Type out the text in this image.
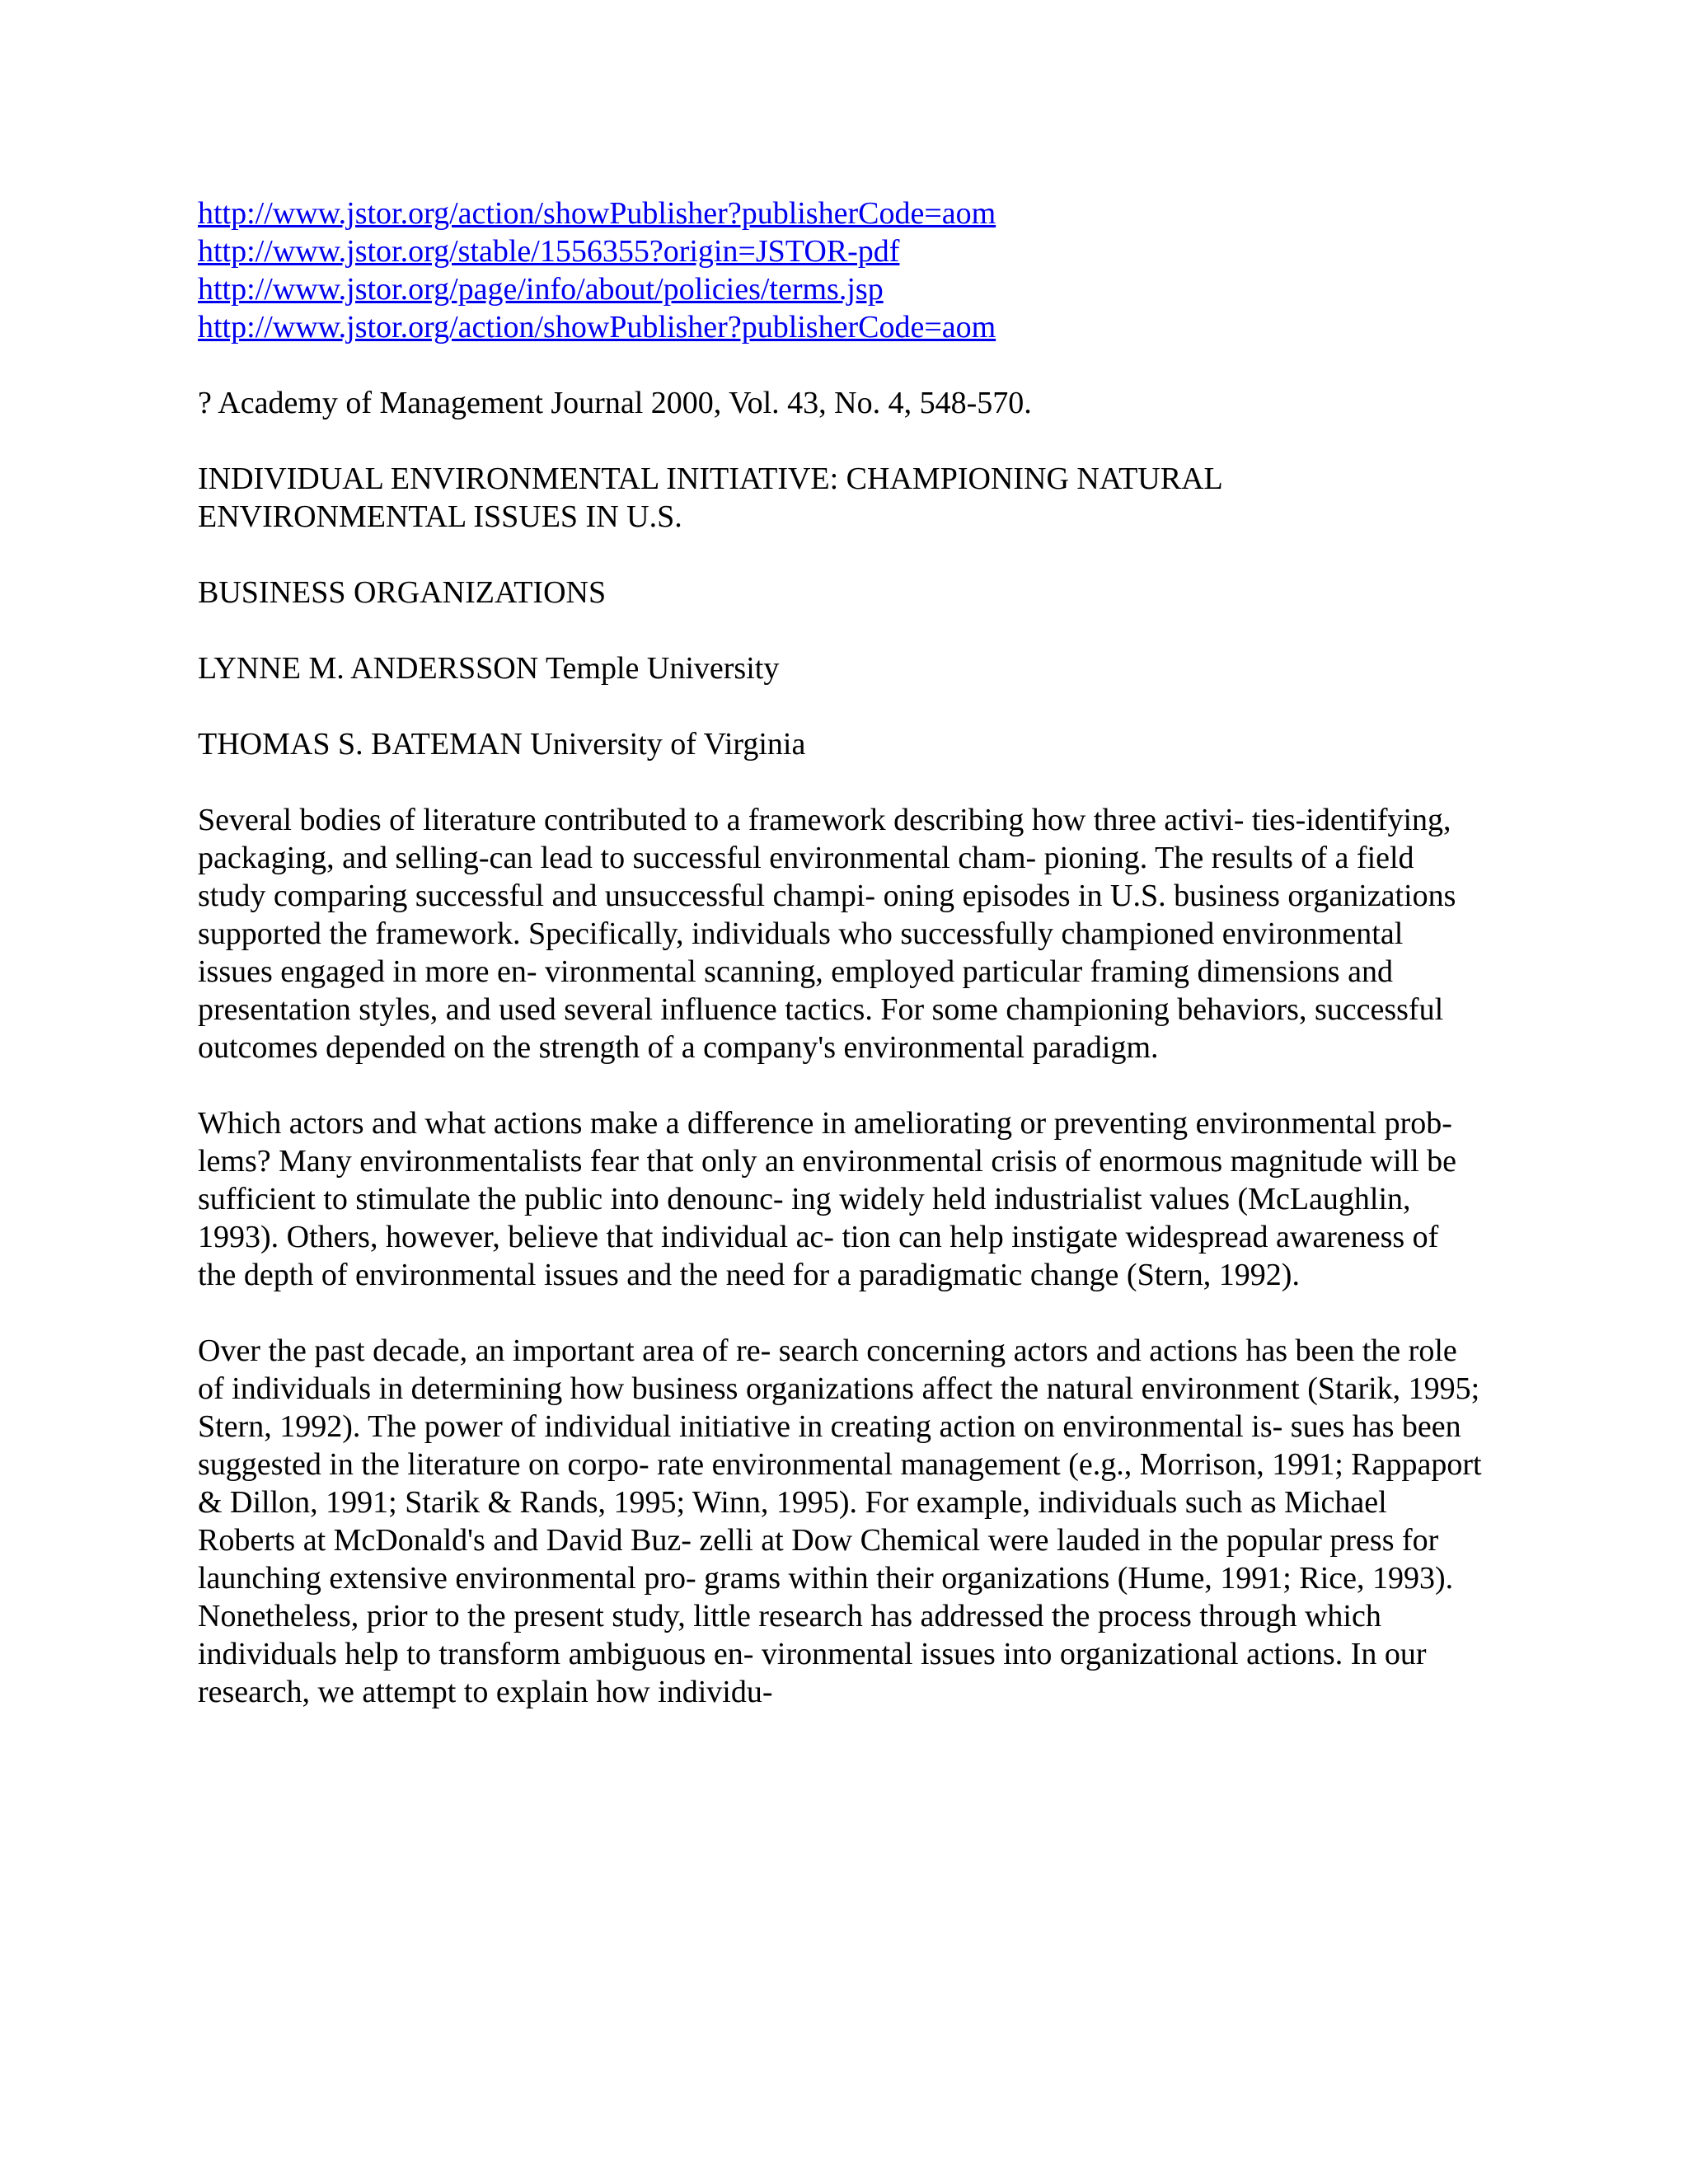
http://www.jstor.org/action/showPublisher?publisherCode=aom
http://www.jstor.org/stable/1556355?origin=JSTOR-pdf
http://www.jstor.org/page/info/about/policies/terms.jsp
http://www.jstor.org/action/showPublisher?publisherCode=aom

? Academy of Management Journal 2000, Vol. 43, No. 4, 548-570.

INDIVIDUAL ENVIRONMENTAL INITIATIVE: CHAMPIONING NATURAL

ENVIRONMENTAL ISSUES IN U.S.

BUSINESS ORGANIZATIONS

LYNNE M. ANDERSSON Temple University

THOMAS S. BATEMAN University of Virginia

Several bodies of literature contributed to a framework describing how three activi- ties-identifying, packaging, and selling-can lead to successful environmental cham- pioning. The results of a field study comparing successful and unsuccessful champi- oning episodes in U.S. business organizations supported the framework. Specifically, individuals who successfully championed environmental issues engaged in more en- vironmental scanning, employed particular framing dimensions and presentation styles, and used several influence tactics. For some championing behaviors, successful outcomes depended on the strength of a company's environmental paradigm.

Which actors and what actions make a difference in ameliorating or preventing environmental prob- lems? Many environmentalists fear that only an environmental crisis of enormous magnitude will be sufficient to stimulate the public into denounc- ing widely held industrialist values (McLaughlin, 1993). Others, however, believe that individual ac- tion can help instigate widespread awareness of the depth of environmental issues and the need for a paradigmatic change (Stern, 1992).

Over the past decade, an important area of re- search concerning actors and actions has been the role of individuals in determining how business organizations affect the natural environment (Starik, 1995; Stern, 1992). The power of individual initiative in creating action on environmental is- sues has been suggested in the literature on corpo- rate environmental management (e.g., Morrison, 1991; Rappaport & Dillon, 1991; Starik & Rands, 1995; Winn, 1995). For example, individuals such as Michael Roberts at McDonald's and David Buz- zelli at Dow Chemical were lauded in the popular press for launching extensive environmental pro- grams within their organizations (Hume, 1991; Rice, 1993). Nonetheless, prior to the present study, little research has addressed the process through which individuals help to transform ambiguous en- vironmental issues into organizational actions. In our research, we attempt to explain how individu-
